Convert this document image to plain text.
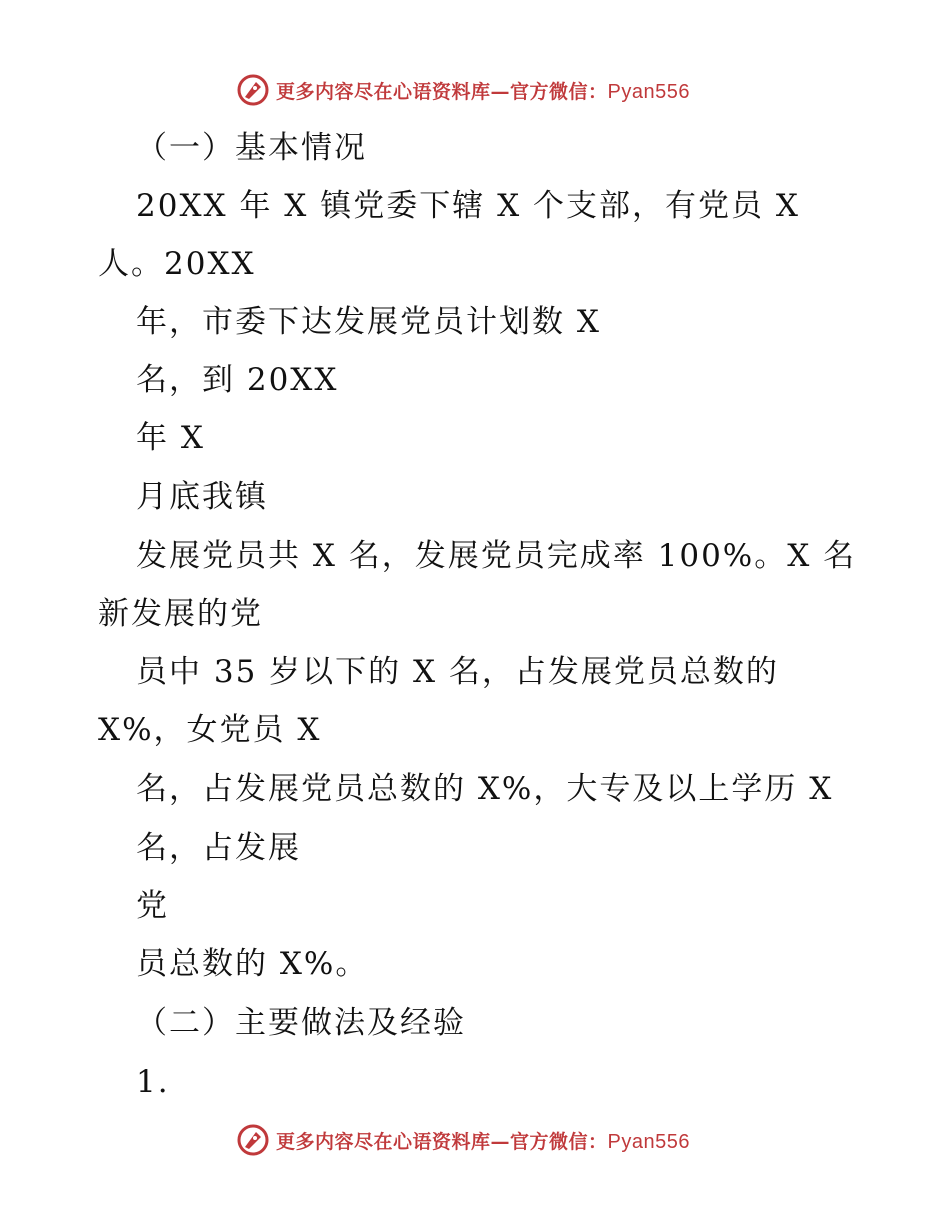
更多内容尽在心语资料库—官方微信：Pyan556
（一）基本情况
20XX 年 X 镇党委下辖 X 个支部，有党员 X
人。20XX
年，市委下达发展党员计划数 X
名，到 20XX
年 X
月底我镇
发展党员共 X 名，发展党员完成率 100%。X 名
新发展的党
员中 35 岁以下的 X 名，占发展党员总数的
X%，女党员 X
名，占发展党员总数的 X%，大专及以上学历 X
名，占发展
党
员总数的 X%。
（二）主要做法及经验
1.
更多内容尽在心语资料库—官方微信：Pyan556
